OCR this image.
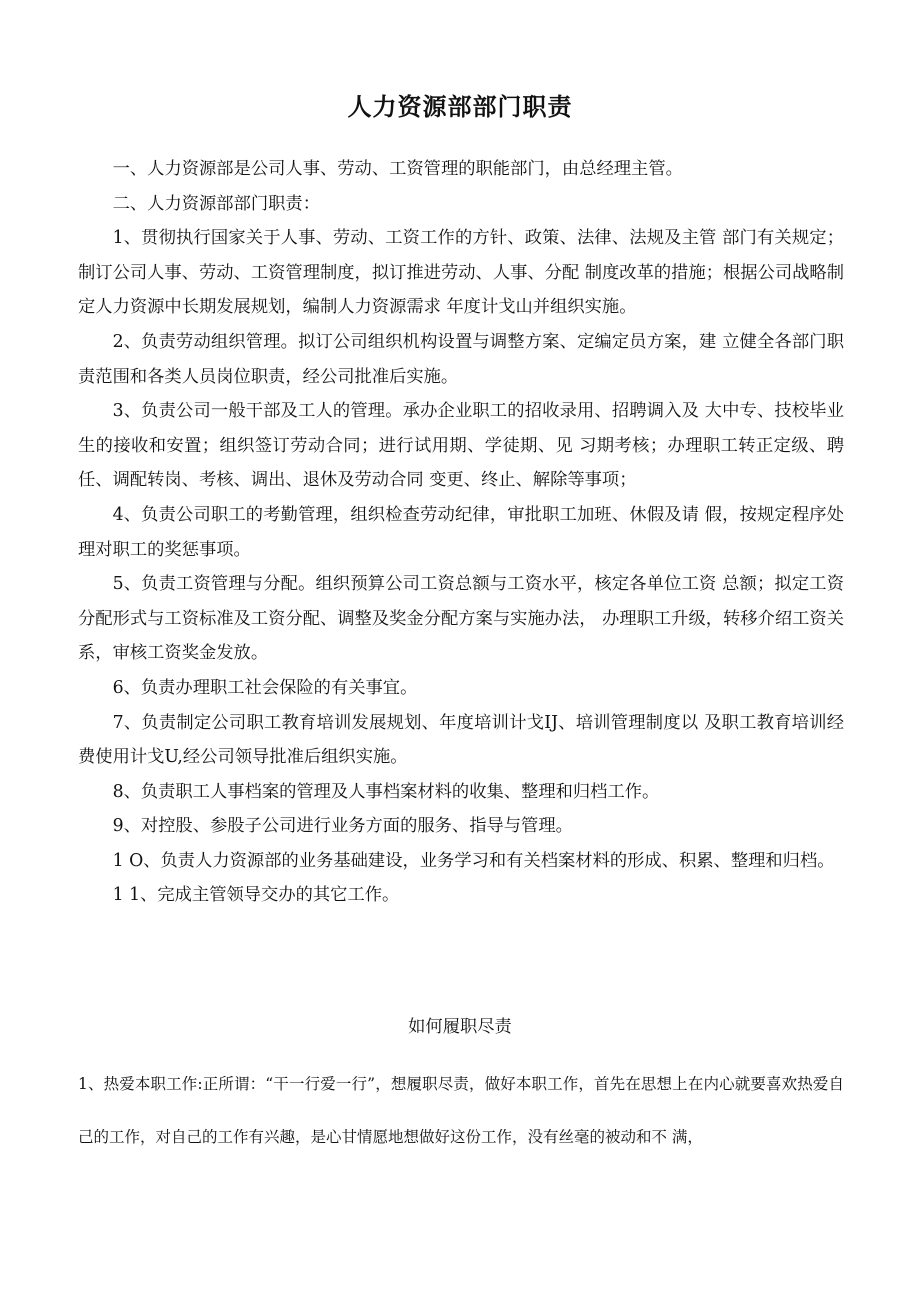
人力资源部部门职责

一、人力资源部是公司人事、劳动、工资管理的职能部门，由总经理主管。

二、人力资源部部门职责：

1、贯彻执行国家关于人事、劳动、工资工作的方针、政策、法律、法规及主管 部门有关规定；制订公司人事、劳动、工资管理制度，拟订推进劳动、人事、分配 制度改革的措施；根据公司战略制定人力资源中长期发展规划，编制人力资源需求 年度计戈山并组织实施。

2、负责劳动组织管理。拟订公司组织机构设置与调整方案、定编定员方案，建 立健全各部门职责范围和各类人员岗位职责，经公司批准后实施。

3、负责公司一般干部及工人的管理。承办企业职工的招收录用、招聘调入及 大中专、技校毕业生的接收和安置；组织签订劳动合同；进行试用期、学徒期、见 习期考核；办理职工转正定级、聘任、调配转岗、考核、调出、退休及劳动合同 变更、终止、解除等事项；

4、负责公司职工的考勤管理，组织检查劳动纪律，审批职工加班、休假及请 假，按规定程序处理对职工的奖惩事项。

5、负责工资管理与分配。组织预算公司工资总额与工资水平，核定各单位工资 总额；拟定工资分配形式与工资标准及工资分配、调整及奖金分配方案与实施办法， 办理职工升级，转移介绍工资关系，审核工资奖金发放。

6、负责办理职工社会保险的有关事宜。

7、负责制定公司职工教育培训发展规划、年度培训计戈IJ、培训管理制度以 及职工教育培训经费使用计戈U,经公司领导批准后组织实施。

8、负责职工人事档案的管理及人事档案材料的收集、整理和归档工作。

9、对控股、参股子公司进行业务方面的服务、指导与管理。

1 O、负责人力资源部的业务基础建设，业务学习和有关档案材料的形成、积累、整理和归档。

1 1、完成主管领导交办的其它工作。

如何履职尽责

1、热爱本职工作:正所谓：“干一行爱一行”，想履职尽责，做好本职工作，首先在思想上在内心就要喜欢热爱自己的工作，对自己的工作有兴趣，是心甘情愿地想做好这份工作，没有丝毫的被动和不 满，
